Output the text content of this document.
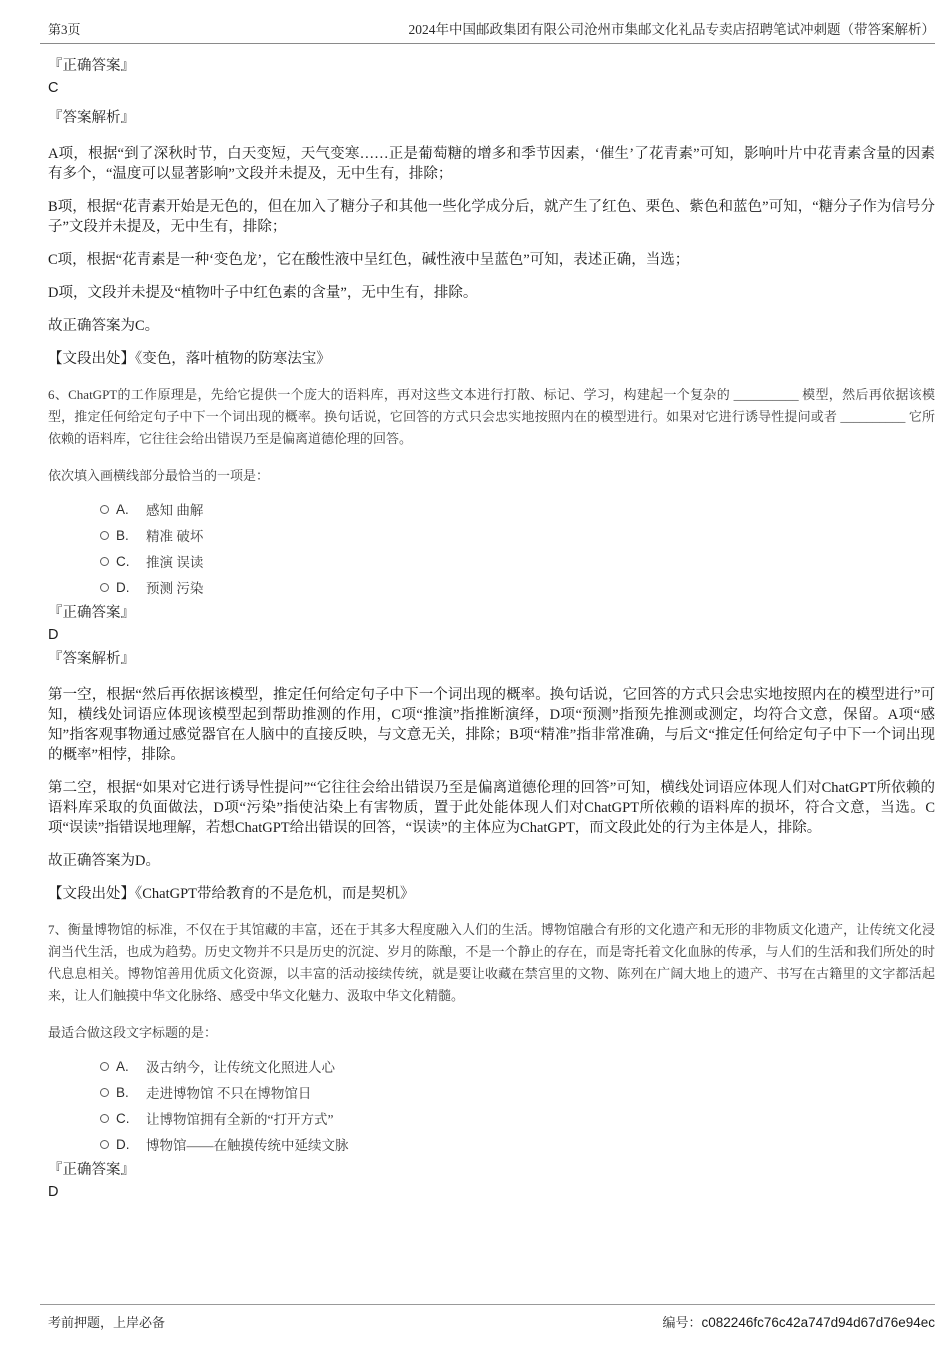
第3页	2024年中国邮政集团有限公司沧州市集邮文化礼品专卖店招聘笔试冲刺题（带答案解析）
『正确答案』
C
『答案解析』

A项，根据“到了深秋时节，白天变短，天气变寒……正是葡萄糖的增多和季节因素，‘催生’了花青素”可知，影响叶片中花青素含量的因素有多个，“温度可以显著影响”文段并未提及，无中生有，排除；

B项，根据“花青素开始是无色的，但在加入了糖分子和其他一些化学成分后，就产生了红色、栗色、紫色和蓝色”可知，“糖分子作为信号分子”文段并未提及，无中生有，排除；

C项，根据“花青素是一种‘变色龙’，它在酸性液中呈红色，碱性液中呈蓝色”可知，表述正确，当选；

D项，文段并未提及“植物叶子中红色素的含量”，无中生有，排除。

故正确答案为C。

【文段出处】《变色，落叶植物的防寒法宝》

6、ChatGPT的工作原理是，先给它提供一个庞大的语料库，再对这些文本进行打散、标记、学习，构建起一个复杂的 __________ 模型，然后再依据该模型，推定任何给定句子中下一个词出现的概率。换句话说，它回答的方式只会忠实地按照内在的模型进行。如果对它进行诱导性提问或者 __________ 它所依赖的语料库，它往往会给出错误乃至是偏离道德伦理的回答。

依次填入画横线部分最恰当的一项是：

A.	感知 曲解
B.	精准 破坏
C.	推演 误读
D.	预测 污染
『正确答案』
D
『答案解析』

第一空，根据“然后再依据该模型，推定任何给定句子中下一个词出现的概率。换句话说，它回答的方式只会忠实地按照内在的模型进行”可知，横线处词语应体现该模型起到帮助推测的作用，C项“推演”指推断演绎，D项“预测”指预先推测或测定，均符合文意，保留。A项“感知”指客观事物通过感觉器官在人脑中的直接反映，与文意无关，排除；B项“精准”指非常准确，与后文“推定任何给定句子中下一个词出现的概率”相悖，排除。

第二空，根据“如果对它进行诱导性提问”“它往往会给出错误乃至是偏离道德伦理的回答”可知，横线处词语应体现人们对ChatGPT所依赖的语料库采取的负面做法，D项“污染”指使沾染上有害物质，置于此处能体现人们对ChatGPT所依赖的语料库的损坏，符合文意，当选。C项“误读”指错误地理解，若想ChatGPT给出错误的回答，“误读”的主体应为ChatGPT，而文段此处的行为主体是人，排除。

故正确答案为D。

【文段出处】《ChatGPT带给教育的不是危机，而是契机》

7、衡量博物馆的标准，不仅在于其馆藏的丰富，还在于其多大程度融入人们的生活。博物馆融合有形的文化遗产和无形的非物质文化遗产，让传统文化浸润当代生活，也成为趋势。历史文物并不只是历史的沉淀、岁月的陈酿，不是一个静止的存在，而是寄托着文化血脉的传承，与人们的生活和我们所处的时代息息相关。博物馆善用优质文化资源，以丰富的活动接续传统，就是要让收藏在禁宫里的文物、陈列在广阔大地上的遗产、书写在古籍里的文字都活起来，让人们触摸中华文化脉络、感受中华文化魅力、汲取中华文化精髓。

最适合做这段文字标题的是：

A.	汲古纳今，让传统文化照进人心
B.	走进博物馆 不只在博物馆日
C.	让博物馆拥有全新的“打开方式”
D.	博物馆——在触摸传统中延续文脉
『正确答案』
D
考前押题，上岸必备	编号：c082246fc76c42a747d94d67d76e94ec
